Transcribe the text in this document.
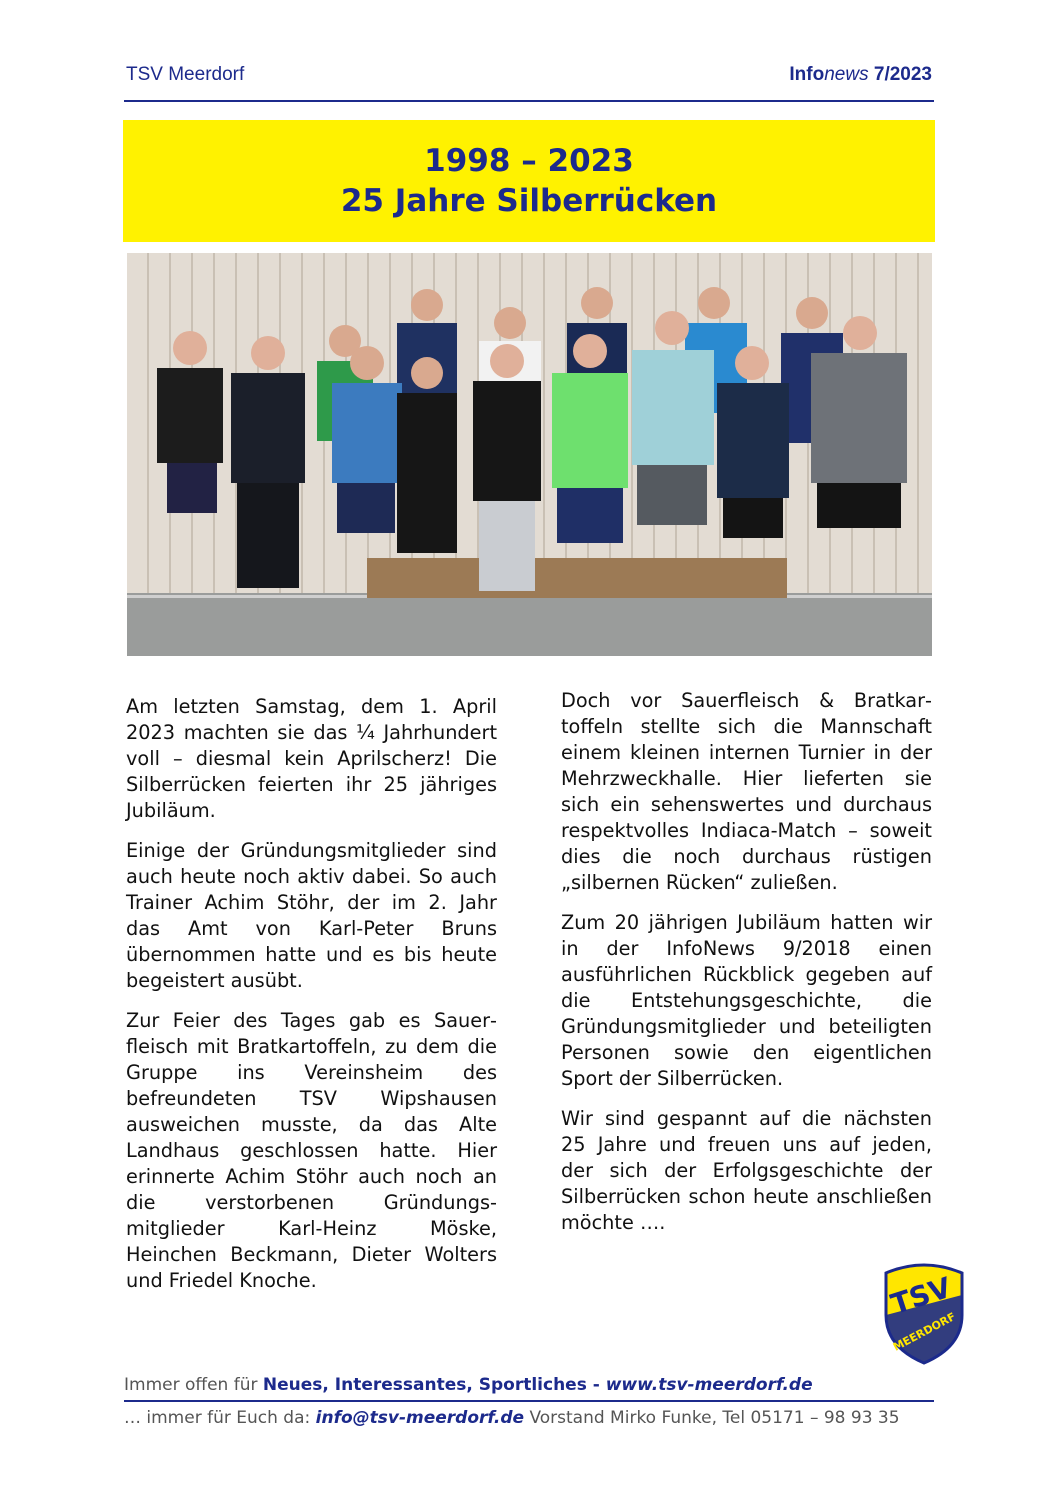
TSV Meerdorf	Infonews 7/2023
1998 – 2023
25 Jahre Silberrücken

Am letzten Samstag, dem 1. April 2023 machten sie das ¼ Jahrhundert voll – diesmal kein Aprilscherz! Die Silberrücken feierten ihr 25 jähriges Jubiläum.

Einige der Gründungsmitglieder sind auch heute noch aktiv dabei. So auch Trainer Achim Stöhr, der im 2. Jahr das Amt von Karl-Peter Bruns übernommen hatte und es bis heute begeistert ausübt.

Zur Feier des Tages gab es Sauerfleisch mit Bratkartoffeln, zu dem die Gruppe ins Vereinsheim des befreundeten TSV Wipshausen ausweichen musste, da das Alte Landhaus geschlossen hatte. Hier erinnerte Achim Stöhr auch noch an die verstorbenen Gründungsmitglieder Karl-Heinz Möske, Heinchen Beckmann, Dieter Wolters und Friedel Knoche.

Doch vor Sauerfleisch & Bratkartoffeln stellte sich die Mannschaft einem kleinen internen Turnier in der Mehrzweckhalle. Hier lieferten sie sich ein sehenswertes und durchaus respektvolles Indiaca-Match – soweit dies die noch durchaus rüstigen „silbernen Rücken“ zuließen.

Zum 20 jährigen Jubiläum hatten wir in der InfoNews 9/2018 einen ausführlichen Rückblick gegeben auf die Entstehungsgeschichte, die Gründungsmitglieder und beteiligten Personen sowie den eigentlichen Sport der Silberrücken.

Wir sind gespannt auf die nächsten 25 Jahre und freuen uns auf jeden, der sich der Erfolgsgeschichte der Silberrücken schon heute anschließen möchte ….

TSV
MEERDORF
Immer offen für Neues, Interessantes, Sportliches - www.tsv-meerdorf.de
… immer für Euch da: info@tsv-meerdorf.de Vorstand Mirko Funke, Tel 05171 – 98 93 35
